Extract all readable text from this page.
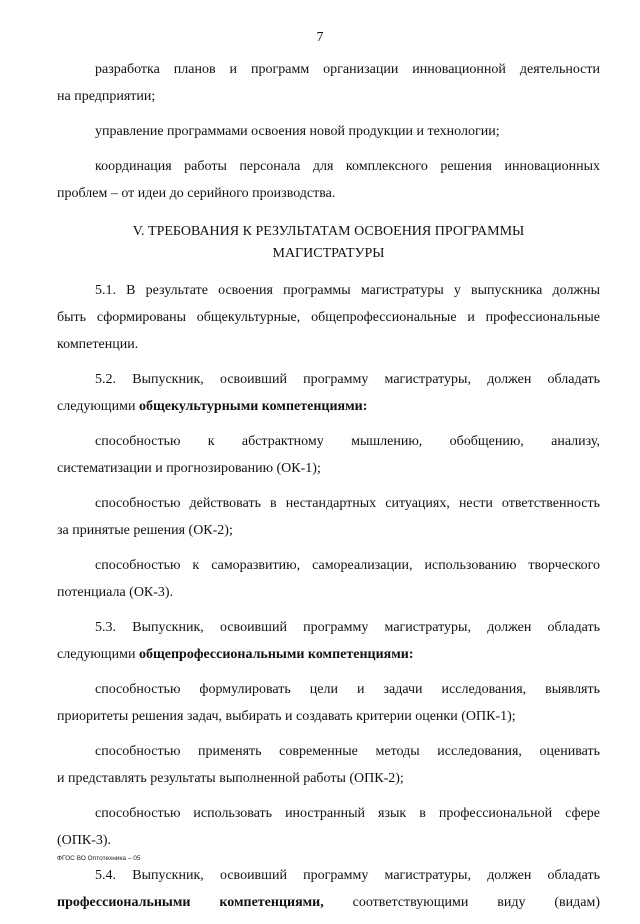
7

разработка планов и программ организации инновационной деятельности
на предприятии;

управление программами освоения новой продукции и технологии;

координация работы персонала для комплексного решения инновационных
проблем – от идеи до серийного производства.

V. ТРЕБОВАНИЯ К РЕЗУЛЬТАТАМ ОСВОЕНИЯ ПРОГРАММЫ
МАГИСТРАТУРЫ

5.1. В результате освоения программы магистратуры у выпускника должны
быть сформированы общекультурные, общепрофессиональные и профессиональные
компетенции.

5.2. Выпускник, освоивший программу магистратуры, должен обладать
следующими общекультурными компетенциями:

способностью к абстрактному мышлению, обобщению, анализу,
систематизации и прогнозированию (ОК-1);

способностью действовать в нестандартных ситуациях, нести ответственность
за принятые решения (ОК-2);

способностью к саморазвитию, самореализации, использованию творческого
потенциала (ОК-3).

5.3. Выпускник, освоивший программу магистратуры, должен обладать
следующими общепрофессиональными компетенциями:

способностью формулировать цели и задачи исследования, выявлять
приоритеты решения задач, выбирать и создавать критерии оценки (ОПК-1);

способностью применять современные методы исследования, оценивать
и представлять результаты выполненной работы (ОПК-2);

способностью использовать иностранный язык в профессиональной сфере
(ОПК-3).

5.4. Выпускник, освоивший программу магистратуры, должен обладать
профессиональными компетенциями, соответствующими виду (видам)

ФГОС ВО Оптотехника – 05
